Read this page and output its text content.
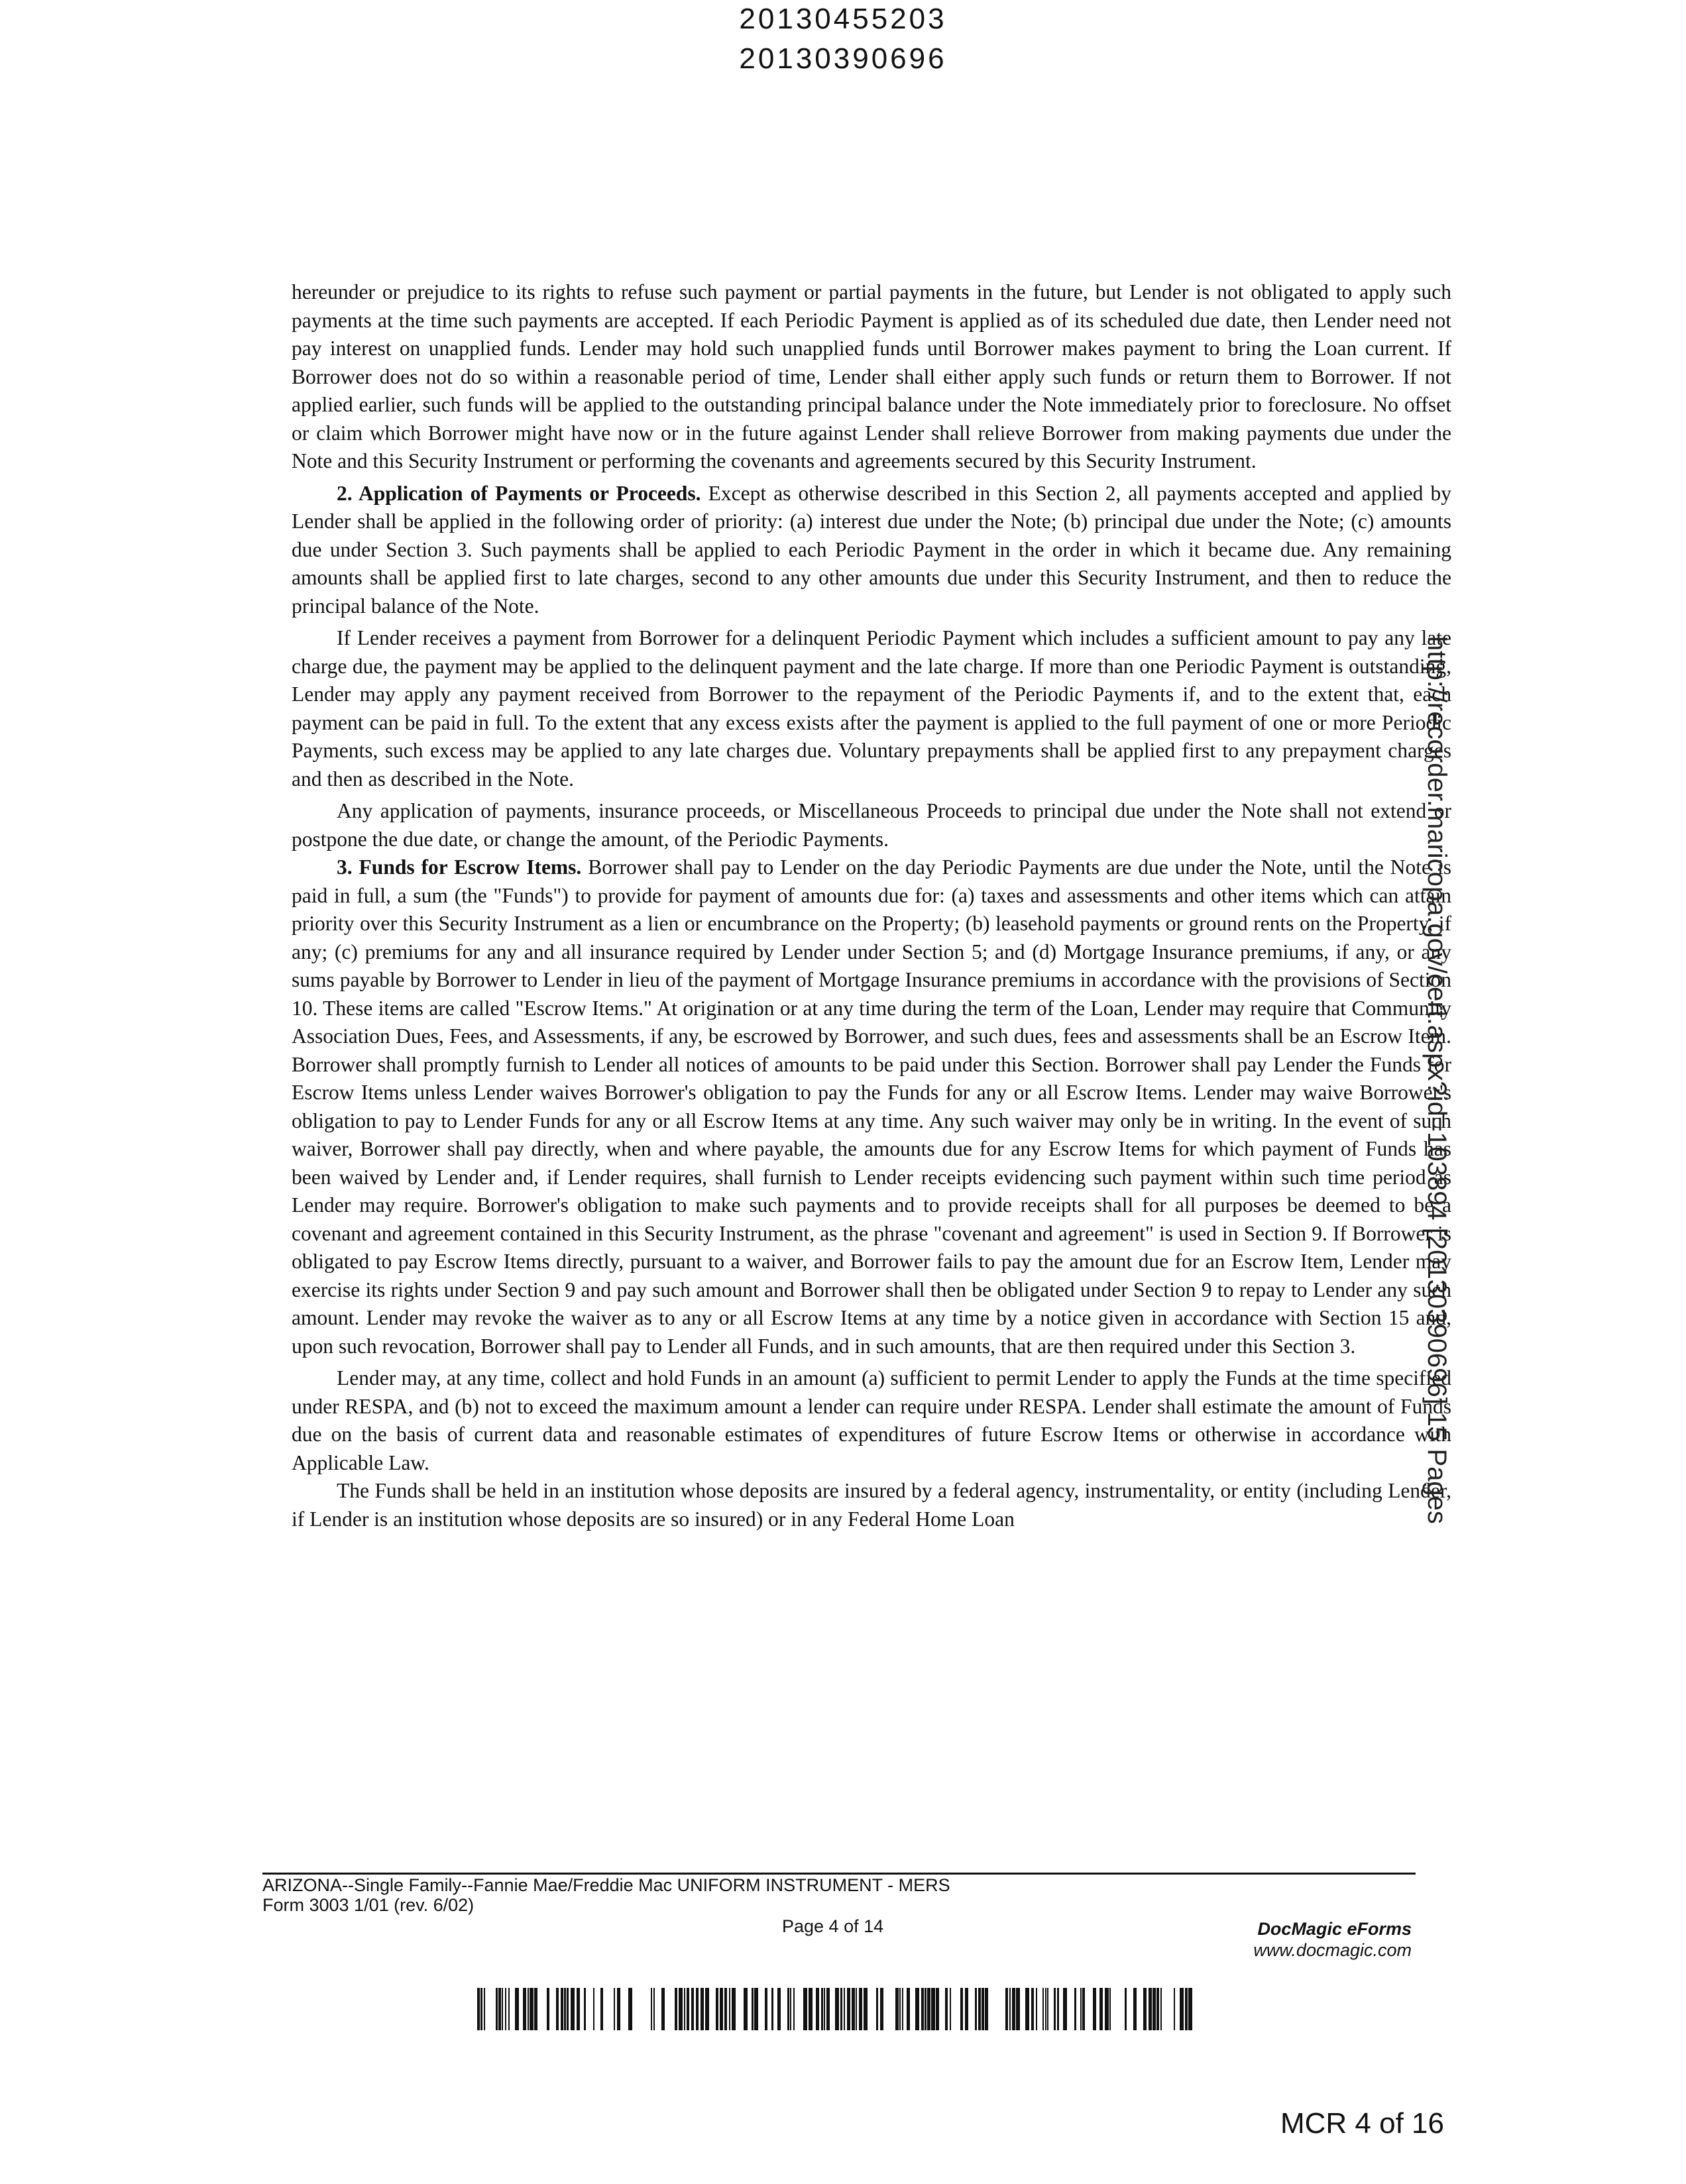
20130455203
20130390696

hereunder or prejudice to its rights to refuse such payment or partial payments in the future, but Lender is not obligated to apply such payments at the time such payments are accepted. If each Periodic Payment is applied as of its scheduled due date, then Lender need not pay interest on unapplied funds. Lender may hold such unapplied funds until Borrower makes payment to bring the Loan current. If Borrower does not do so within a reasonable period of time, Lender shall either apply such funds or return them to Borrower. If not applied earlier, such funds will be applied to the outstanding principal balance under the Note immediately prior to foreclosure. No offset or claim which Borrower might have now or in the future against Lender shall relieve Borrower from making payments due under the Note and this Security Instrument or performing the covenants and agreements secured by this Security Instrument.

2. Application of Payments or Proceeds. Except as otherwise described in this Section 2, all payments accepted and applied by Lender shall be applied in the following order of priority: (a) interest due under the Note; (b) principal due under the Note; (c) amounts due under Section 3. Such payments shall be applied to each Periodic Payment in the order in which it became due. Any remaining amounts shall be applied first to late charges, second to any other amounts due under this Security Instrument, and then to reduce the principal balance of the Note.

If Lender receives a payment from Borrower for a delinquent Periodic Payment which includes a sufficient amount to pay any late charge due, the payment may be applied to the delinquent payment and the late charge. If more than one Periodic Payment is outstanding, Lender may apply any payment received from Borrower to the repayment of the Periodic Payments if, and to the extent that, each payment can be paid in full. To the extent that any excess exists after the payment is applied to the full payment of one or more Periodic Payments, such excess may be applied to any late charges due. Voluntary prepayments shall be applied first to any prepayment charges and then as described in the Note.

Any application of payments, insurance proceeds, or Miscellaneous Proceeds to principal due under the Note shall not extend or postpone the due date, or change the amount, of the Periodic Payments.

3. Funds for Escrow Items. Borrower shall pay to Lender on the day Periodic Payments are due under the Note, until the Note is paid in full, a sum (the "Funds") to provide for payment of amounts due for: (a) taxes and assessments and other items which can attain priority over this Security Instrument as a lien or encumbrance on the Property; (b) leasehold payments or ground rents on the Property, if any; (c) premiums for any and all insurance required by Lender under Section 5; and (d) Mortgage Insurance premiums, if any, or any sums payable by Borrower to Lender in lieu of the payment of Mortgage Insurance premiums in accordance with the provisions of Section 10. These items are called "Escrow Items." At origination or at any time during the term of the Loan, Lender may require that Community Association Dues, Fees, and Assessments, if any, be escrowed by Borrower, and such dues, fees and assessments shall be an Escrow Item. Borrower shall promptly furnish to Lender all notices of amounts to be paid under this Section. Borrower shall pay Lender the Funds for Escrow Items unless Lender waives Borrower's obligation to pay the Funds for any or all Escrow Items. Lender may waive Borrower's obligation to pay to Lender Funds for any or all Escrow Items at any time. Any such waiver may only be in writing. In the event of such waiver, Borrower shall pay directly, when and where payable, the amounts due for any Escrow Items for which payment of Funds has been waived by Lender and, if Lender requires, shall furnish to Lender receipts evidencing such payment within such time period as Lender may require. Borrower's obligation to make such payments and to provide receipts shall for all purposes be deemed to be a covenant and agreement contained in this Security Instrument, as the phrase "covenant and agreement" is used in Section 9. If Borrower is obligated to pay Escrow Items directly, pursuant to a waiver, and Borrower fails to pay the amount due for an Escrow Item, Lender may exercise its rights under Section 9 and pay such amount and Borrower shall then be obligated under Section 9 to repay to Lender any such amount. Lender may revoke the waiver as to any or all Escrow Items at any time by a notice given in accordance with Section 15 and, upon such revocation, Borrower shall pay to Lender all Funds, and in such amounts, that are then required under this Section 3.

Lender may, at any time, collect and hold Funds in an amount (a) sufficient to permit Lender to apply the Funds at the time specified under RESPA, and (b) not to exceed the maximum amount a lender can require under RESPA. Lender shall estimate the amount of Funds due on the basis of current data and reasonable estimates of expenditures of future Escrow Items or otherwise in accordance with Applicable Law.

The Funds shall be held in an institution whose deposits are insured by a federal agency, instrumentality, or entity (including Lender, if Lender is an institution whose deposits are so insured) or in any Federal Home Loan	http://recorder.maricopa.gov/cert.aspx?id=103894 [20130390696] 15 Pages
ARIZONA--Single Family--Fannie Mae/Freddie Mac UNIFORM INSTRUMENT - MERS
Form 3003 1/01 (rev. 6/02)
Page 4 of 14	DocMagic eForms
www.docmagic.com
MCR 4 of 16
